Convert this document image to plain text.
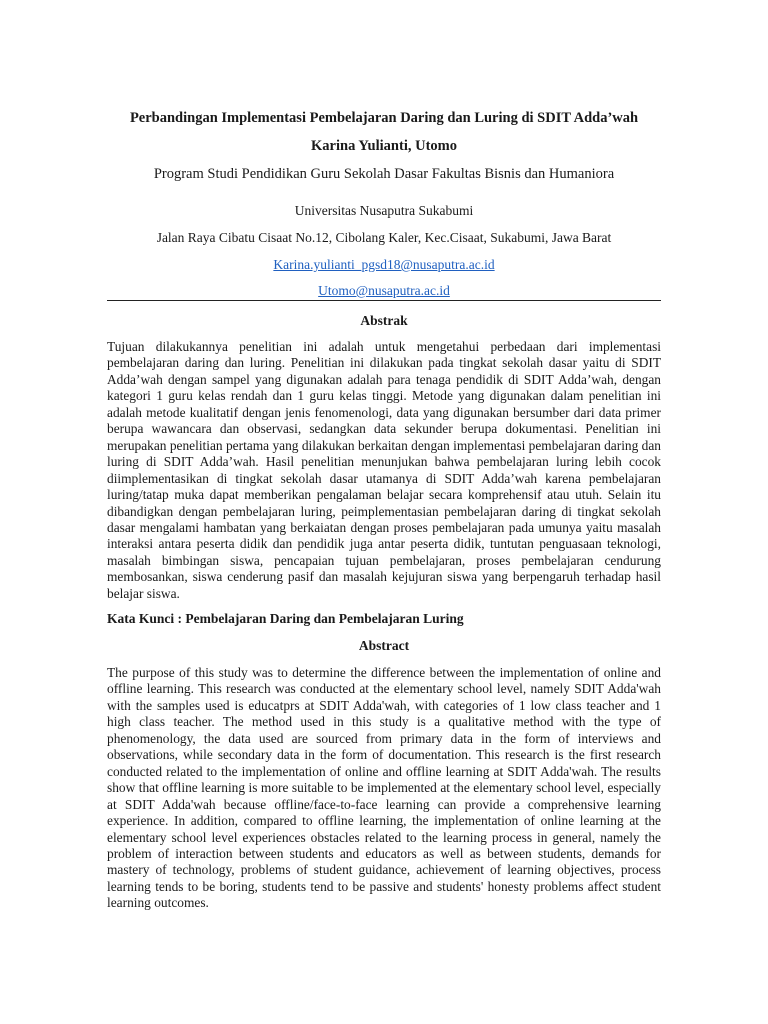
Perbandingan Implementasi Pembelajaran Daring dan Luring di SDIT Adda’wah
Karina Yulianti, Utomo
Program Studi Pendidikan Guru Sekolah Dasar Fakultas Bisnis dan Humaniora
Universitas Nusaputra Sukabumi
Jalan Raya Cibatu Cisaat No.12, Cibolang Kaler, Kec.Cisaat, Sukabumi, Jawa Barat
Karina.yulianti_pgsd18@nusaputra.ac.id
Utomo@nusaputra.ac.id
Abstrak
Tujuan dilakukannya penelitian ini adalah untuk mengetahui perbedaan dari implementasi pembelajaran daring dan luring. Penelitian ini dilakukan pada tingkat sekolah dasar yaitu di SDIT Adda’wah dengan sampel yang digunakan adalah para tenaga pendidik di SDIT Adda’wah, dengan kategori 1 guru kelas rendah dan 1 guru kelas tinggi. Metode yang digunakan dalam penelitian ini adalah metode kualitatif dengan jenis fenomenologi, data yang digunakan bersumber dari data primer berupa wawancara dan observasi, sedangkan data sekunder berupa dokumentasi. Penelitian ini merupakan penelitian pertama yang dilakukan berkaitan dengan implementasi pembelajaran daring dan luring di SDIT Adda’wah. Hasil penelitian menunjukan bahwa pembelajaran luring lebih cocok diimplementasikan di tingkat sekolah dasar utamanya di SDIT Adda’wah karena pembelajaran luring/tatap muka dapat memberikan pengalaman belajar secara komprehensif atau utuh. Selain itu dibandigkan dengan pembelajaran luring, peimplementasian pembelajaran daring di tingkat sekolah dasar mengalami hambatan yang berkaiatan dengan proses pembelajaran pada umunya yaitu masalah interaksi antara peserta didik dan pendidik juga antar peserta didik, tuntutan penguasaan teknologi, masalah bimbingan siswa, pencapaian tujuan pembelajaran, proses pembelajaran cendurung membosankan, siswa cenderung pasif dan masalah kejujuran siswa yang berpengaruh terhadap hasil belajar siswa.
Kata Kunci : Pembelajaran Daring dan Pembelajaran Luring
Abstract
The purpose of this study was to determine the difference between the implementation of online and offline learning. This research was conducted at the elementary school level, namely SDIT Adda'wah with the samples used is educatprs at SDIT Adda'wah, with categories of 1 low class teacher and 1 high class teacher. The method used in this study is a qualitative method with the type of phenomenology, the data used are sourced from primary data in the form of interviews and observations, while secondary data in the form of documentation. This research is the first research conducted related to the implementation of online and offline learning at SDIT Adda'wah. The results show that offline learning is more suitable to be implemented at the elementary school level, especially at SDIT Adda'wah because offline/face-to-face learning can provide a comprehensive learning experience. In addition, compared to offline learning, the implementation of online learning at the elementary school level experiences obstacles related to the learning process in general, namely the problem of interaction between students and educators as well as between students, demands for mastery of technology, problems of student guidance, achievement of learning objectives, process learning tends to be boring, students tend to be passive and students' honesty problems affect student learning outcomes.
